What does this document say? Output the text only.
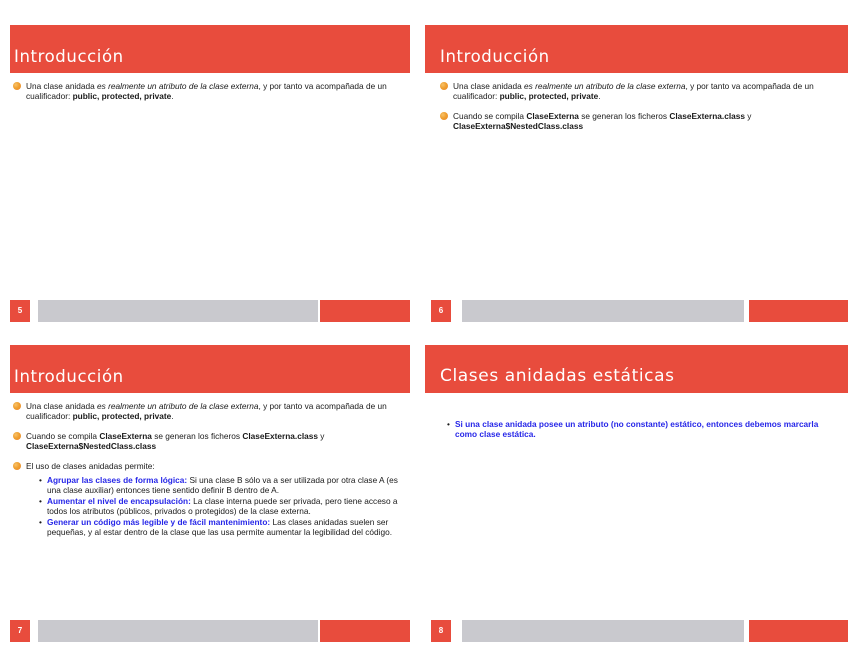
Introducción
Una clase anidada es realmente un atributo de la clase externa, y por tanto va acompañada de un cualificador: public, protected, private.
5
Introducción
Una clase anidada es realmente un atributo de la clase externa, y por tanto va acompañada de un cualificador: public, protected, private.
Cuando se compila ClaseExterna se generan los ficheros ClaseExterna.class y ClaseExterna$NestedClass.class
6
Introducción
Una clase anidada es realmente un atributo de la clase externa, y por tanto va acompañada de un cualificador: public, protected, private.
Cuando se compila ClaseExterna se generan los ficheros ClaseExterna.class y ClaseExterna$NestedClass.class
El uso de clases anidadas permite:
• Agrupar las clases de forma lógica: Si una clase B sólo va a ser utilizada por otra clase A (es una clase auxiliar) entonces tiene sentido definir B dentro de A.
• Aumentar el nivel de encapsulación: La clase interna puede ser privada, pero tiene acceso a todos los atributos (públicos, privados o protegidos) de la clase externa.
• Generar un código más legible y de fácil mantenimiento: Las clases anidadas suelen ser pequeñas, y al estar dentro de la clase que las usa permite aumentar la legibilidad del código.
7
Clases anidadas estáticas
• Si una clase anidada posee un atributo (no constante) estático, entonces debemos marcarla como clase estática.
8
